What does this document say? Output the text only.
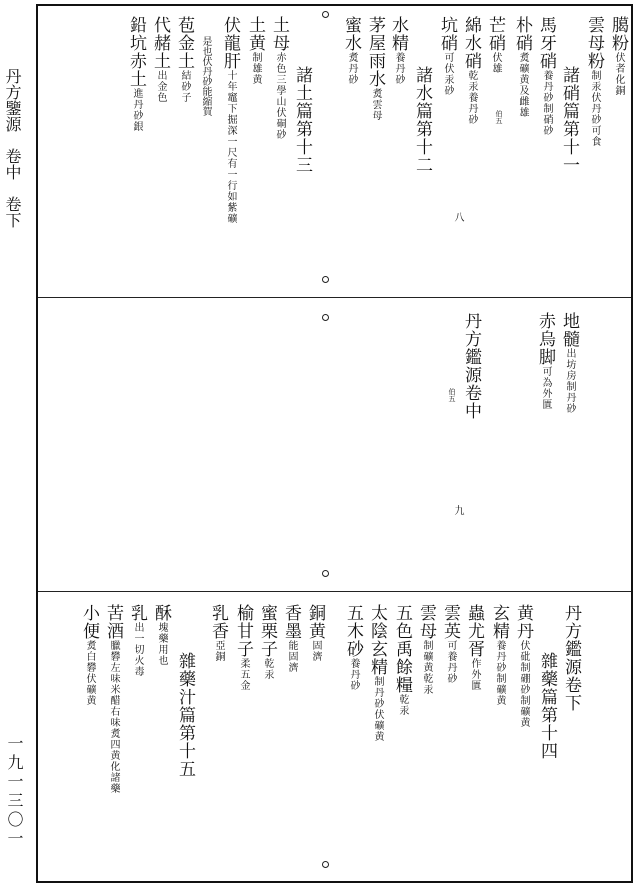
丹方鑒源　卷中　卷下
一九一三〇一
臈粉伏者化銅
雲母粉制汞伏丹砂可食
諸硝篇第十一
馬牙硝養丹砂制硝砂
朴硝煑礦黄及雌雄
伯五
芒硝伏雄
綿水硝乾汞養丹砂
八
坑硝可伏汞砂
諸水篇第十二
水精養丹砂
茅屋雨水煑雲母
蜜水煑丹砂
諸土篇第十三
土母赤色三學山伏硐砂
土黄制雄黄
伏龍肝十年竈下掘深一尺有一行如紫礦
是也伏丹砂能縮賀
苞金土結砂子
代赭土出金色
鉛坑赤土進丹砂銀
地髓出坊房制丹砂
赤烏脚可為外匱
丹方鑑源卷中
伯五
九
丹方鑑源卷下
雜藥篇第十四
黄丹伏砒制硼砂制礦黄
玄精養丹砂制礦黄
蟲尤胥作外匱
雲英可養丹砂
雲母制礦黄乾汞
五色禹餘糧乾汞
太陰玄精制丹砂伏礦黄
五木砂養丹砂
銅黄固濟
香墨能固濟
蜜栗子乾汞
榆甘子柔五金
乳香亞銅
雜藥汁篇第十五
酥塊藥用也
乳出一切火毒
苦酒臘礬左味米醋右味煑四黄化諸藥
小便煑白礬伏礦黄
